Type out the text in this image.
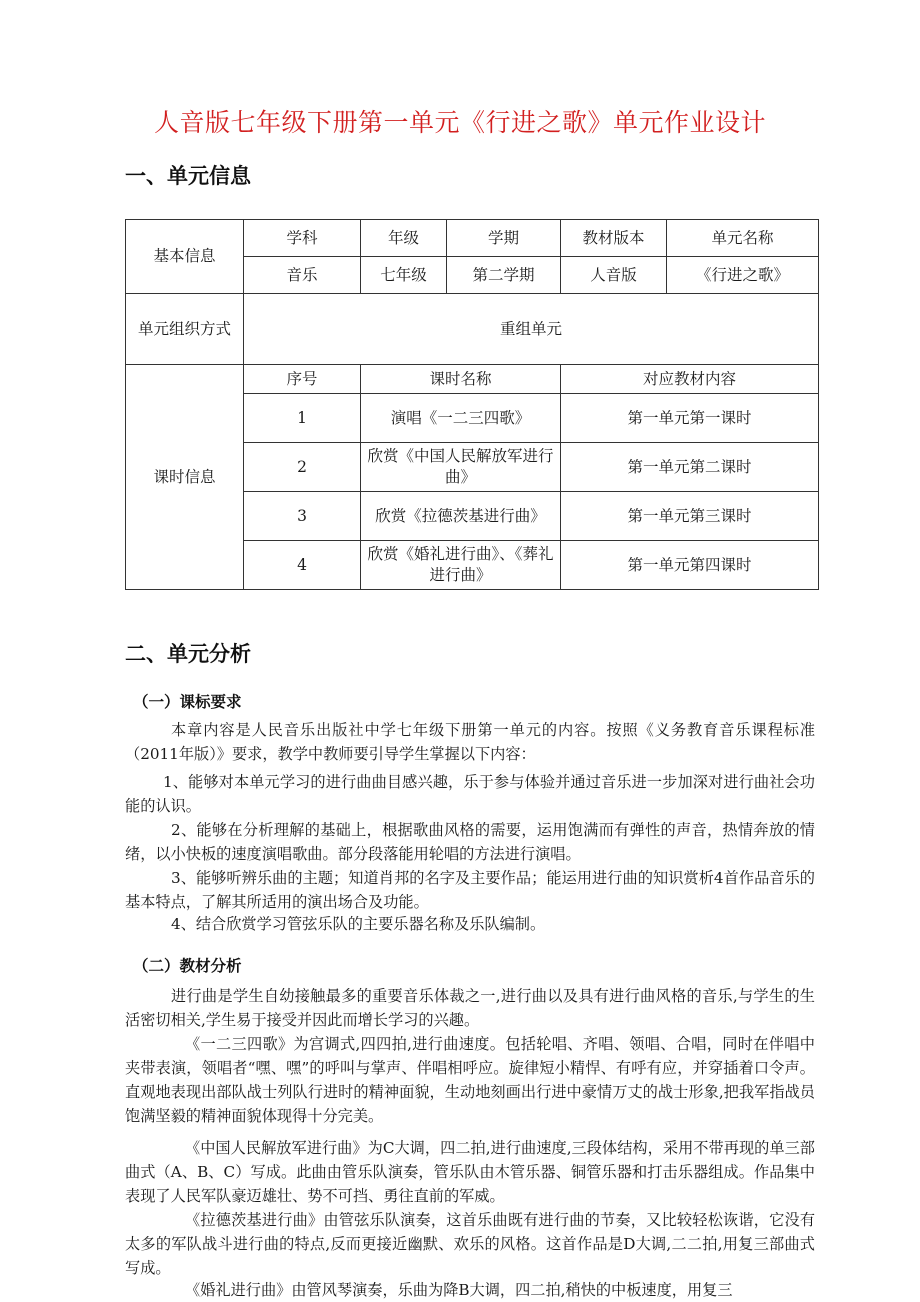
人音版七年级下册第一单元《行进之歌》单元作业设计
一、单元信息
基本信息	学科	年级	学期	教材版本	单元名称
	音乐	七年级	第二学期	人音版	《行进之歌》
单元组织方式	重组单元				
课时信息	序号	课时名称		对应教材内容	
	1	演唱《一二三四歌》		第一单元第一课时	
	2	欣赏《中国人民解放军进行曲》		第一单元第二课时	
	3	欣赏《拉德茨基进行曲》		第一单元第三课时	
	4	欣赏《婚礼进行曲》、《葬礼进行曲》		第一单元第四课时	
二、单元分析
（一）课标要求
本章内容是人民音乐出版社中学七年级下册第一单元的内容。按照《义务教育音乐课程标准（2011年版）》要求，教学中教师要引导学生掌握以下内容：
1、能够对本单元学习的进行曲曲目感兴趣，乐于参与体验并通过音乐进一步加深对进行曲社会功能的认识。
2、能够在分析理解的基础上，根据歌曲风格的需要，运用饱满而有弹性的声音，热情奔放的情绪，以小快板的速度演唱歌曲。部分段落能用轮唱的方法进行演唱。
3、能够听辨乐曲的主题；知道肖邦的名字及主要作品；能运用进行曲的知识赏析4首作品音乐的基本特点，了解其所适用的演出场合及功能。
4、结合欣赏学习管弦乐队的主要乐器名称及乐队编制。
（二）教材分析
进行曲是学生自幼接触最多的重要音乐体裁之一,进行曲以及具有进行曲风格的音乐,与学生的生活密切相关,学生易于接受并因此而增长学习的兴趣。
《一二三四歌》为宫调式,四四拍,进行曲速度。包括轮唱、齐唱、领唱、合唱，同时在伴唱中夹带表演，领唱者“嘿、嘿”的呼叫与掌声、伴唱相呼应。旋律短小精悍、有呼有应，并穿插着口令声。直观地表现出部队战士列队行进时的精神面貌，生动地刻画出行进中豪情万丈的战士形象,把我军指战员饱满坚毅的精神面貌体现得十分完美。
《中国人民解放军进行曲》为C大调，四二拍,进行曲速度,三段体结构，采用不带再现的单三部曲式（A、B、C）写成。此曲由管乐队演奏，管乐队由木管乐器、铜管乐器和打击乐器组成。作品集中表现了人民军队豪迈雄壮、势不可挡、勇往直前的军威。
《拉德茨基进行曲》由管弦乐队演奏，这首乐曲既有进行曲的节奏，又比较轻松诙谐，它没有太多的军队战斗进行曲的特点,反而更接近幽默、欢乐的风格。这首作品是D大调,二二拍,用复三部曲式写成。
《婚礼进行曲》由管风琴演奏，乐曲为降B大调，四二拍,稍快的中板速度，用复三
